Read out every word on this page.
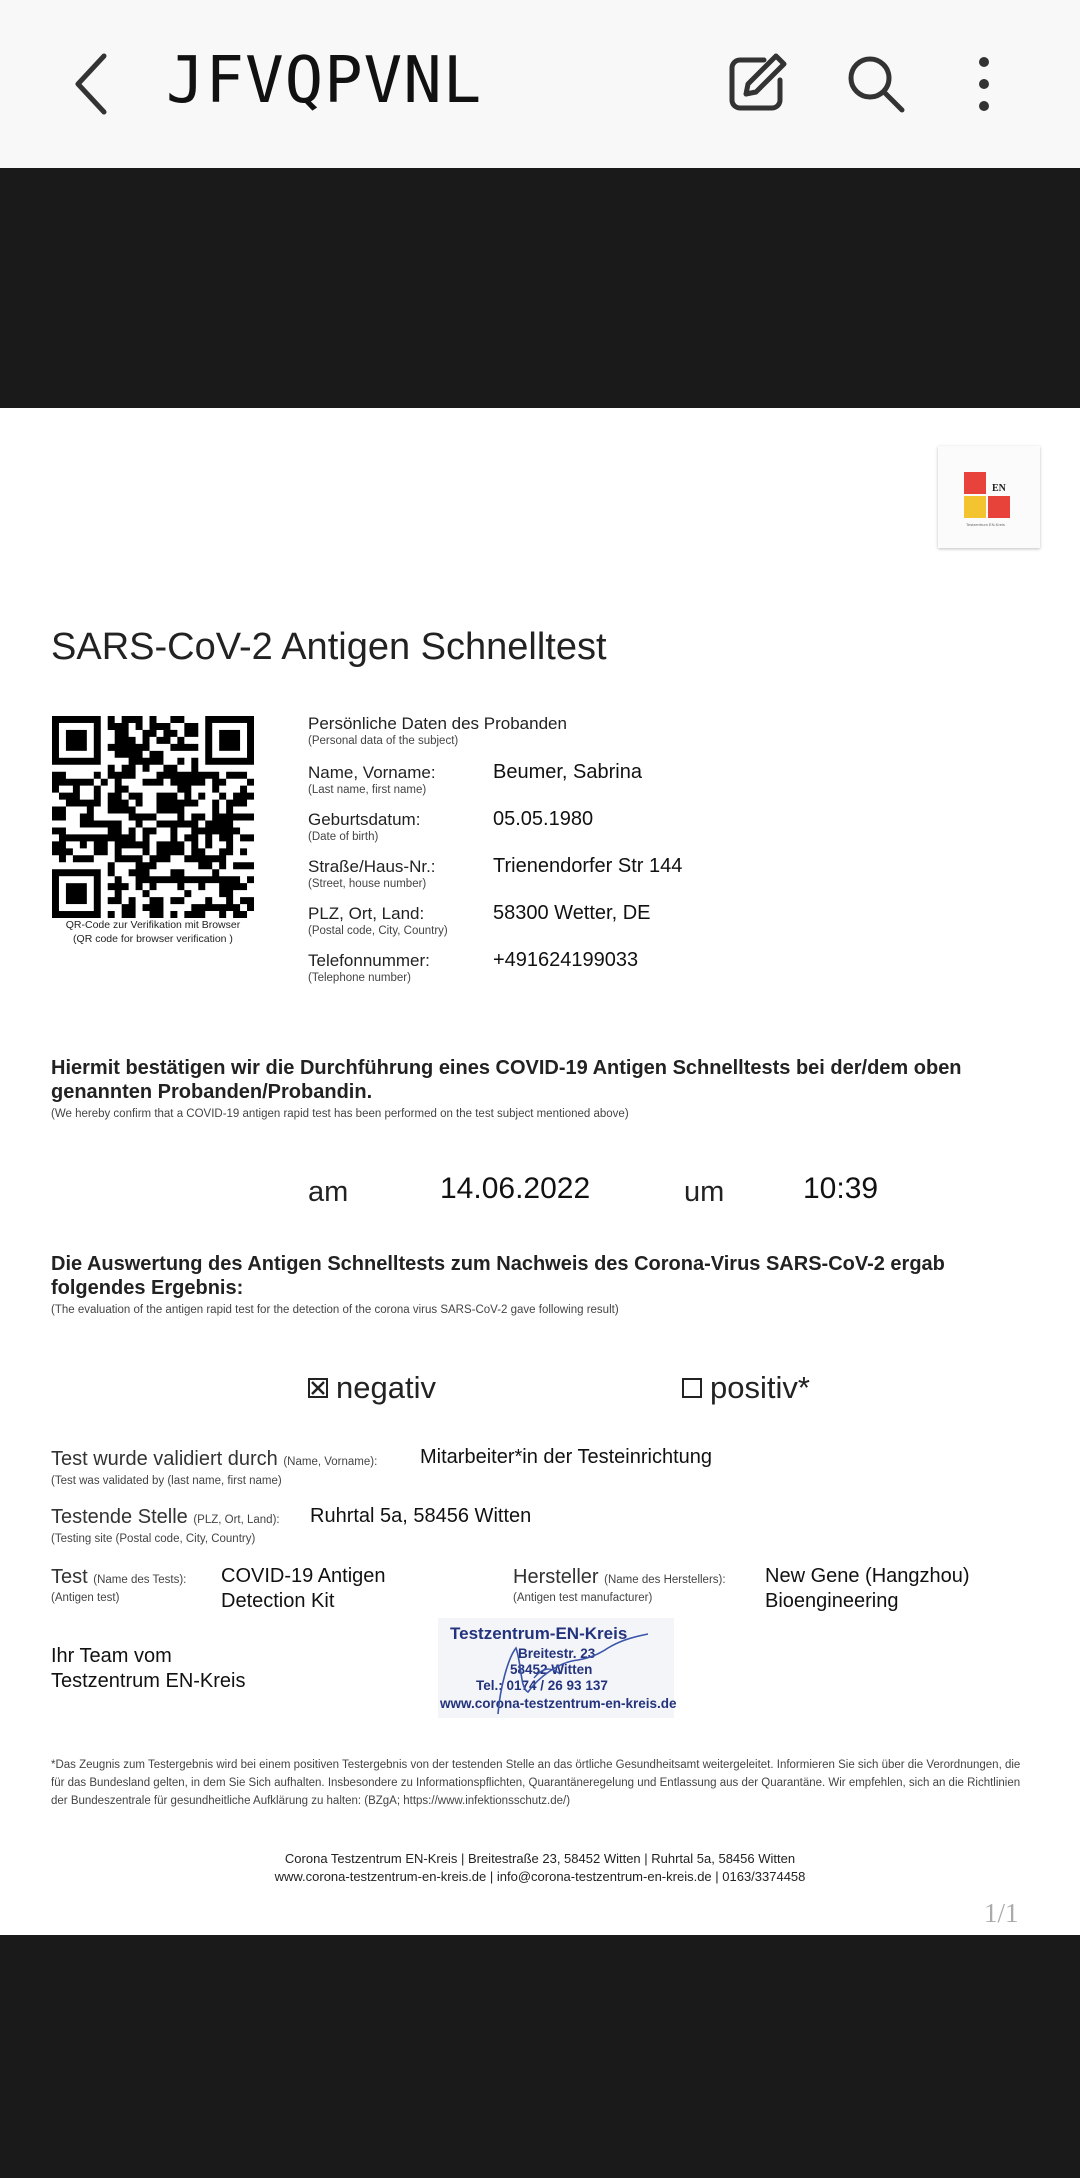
JFVQPVNL
EN
Testzentrum EN-Kreis
SARS-CoV-2 Antigen Schnelltest
QR-Code zur Verifikation mit Browser
(QR code for browser verification )
Persönliche Daten des Probanden
(Personal data of the subject)
Name, Vorname:
(Last name, first name)
Beumer, Sabrina
Geburtsdatum:
(Date of birth)
05.05.1980
Straße/Haus-Nr.:
(Street, house number)
Trienendorfer Str 144
PLZ, Ort, Land:
(Postal code, City, Country)
58300 Wetter, DE
Telefonnummer:
(Telephone number)
+491624199033
Hiermit bestätigen wir die Durchführung eines COVID-19 Antigen Schnelltests bei der/dem oben genannten Probanden/Probandin.
(We hereby confirm that a COVID-19 antigen rapid test has been performed on the test subject mentioned above)
am	14.06.2022	um	10:39
Die Auswertung des Antigen Schnelltests zum Nachweis des Corona-Virus SARS-CoV-2 ergab folgendes Ergebnis:
(The evaluation of the antigen rapid test for the detection of the corona virus SARS-CoV-2 gave following result)
negativ	positiv*
Test wurde validiert durch (Name, Vorname):
(Test was validated by (last name, first name)
Mitarbeiter*in der Testeinrichtung
Testende Stelle (PLZ, Ort, Land):
(Testing site (Postal code, City, Country)
Ruhrtal 5a, 58456 Witten
Test (Name des Tests):
(Antigen test)
COVID-19 Antigen
Detection Kit
Hersteller (Name des Herstellers):
(Antigen test manufacturer)
New Gene (Hangzhou)
Bioengineering
Ihr Team vom
Testzentrum EN-Kreis
Testzentrum-EN-Kreis
Breitestr. 23
58452 Witten
Tel.: 0174 / 26 93 137
www.corona-testzentrum-en-kreis.de
*Das Zeugnis zum Testergebnis wird bei einem positiven Testergebnis von der testenden Stelle an das örtliche Gesundheitsamt weitergeleitet. Informieren Sie sich über die Verordnungen, die für das Bundesland gelten, in dem Sie Sich aufhalten. Insbesondere zu Informationspflichten, Quarantäneregelung und Entlassung aus der Quarantäne. Wir empfehlen, sich an die Richtlinien der Bundeszentrale für gesundheitliche Aufklärung zu halten: (BZgA; https://www.infektionsschutz.de/)
Corona Testzentrum EN-Kreis | Breitestraße 23, 58452 Witten | Ruhrtal 5a, 58456 Witten
www.corona-testzentrum-en-kreis.de | info@corona-testzentrum-en-kreis.de | 0163/3374458
1/1
